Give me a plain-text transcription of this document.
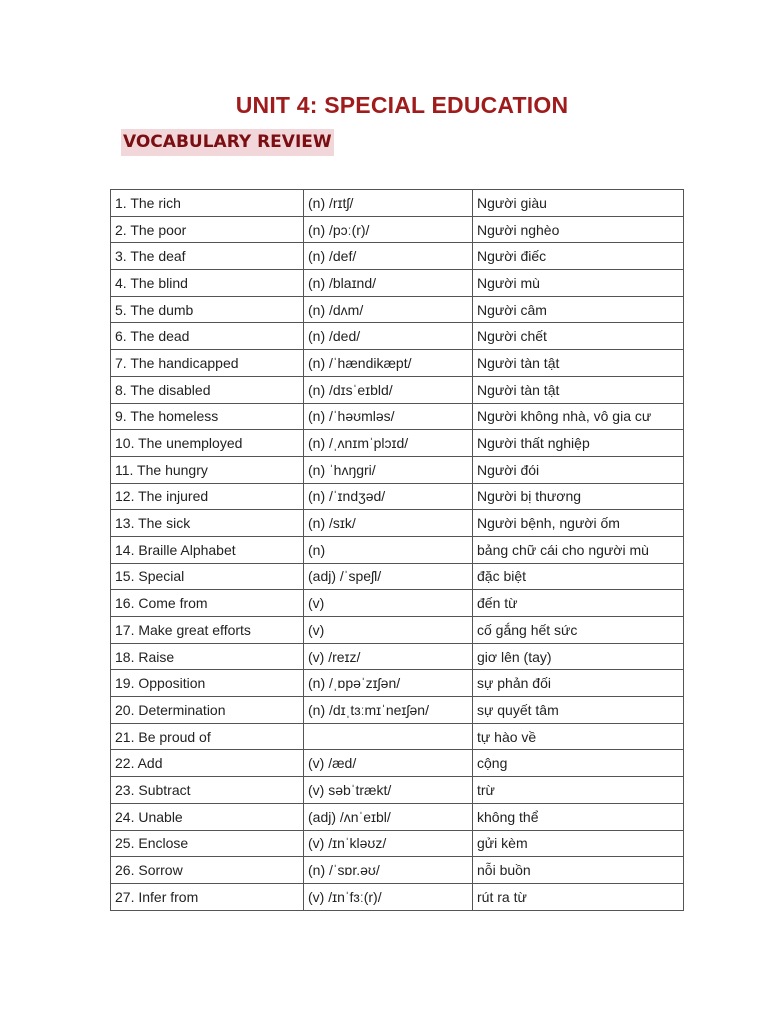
UNIT 4: SPECIAL EDUCATION
VOCABULARY REVIEW
1. The rich	(n) /rɪtʃ/	Người giàu
2. The poor	(n) /pɔː(r)/	Người nghèo
3. The deaf	(n) /def/	Người điếc
4. The blind	(n) /blaɪnd/	Người mù
5. The dumb	(n) /dʌm/	Người câm
6. The dead	(n) /ded/	Người chết
7. The handicapped	(n) /ˈhændikæpt/	Người tàn tật
8. The disabled	(n) /dɪsˈeɪbld/	Người tàn tật
9. The homeless	(n) /ˈhəʊmləs/	Người không nhà, vô gia cư
10. The unemployed	(n) /ˌʌnɪmˈplɔɪd/	Người thất nghiệp
11. The hungry	(n) ˈhʌŋgri/	Người đói
12. The injured	(n) /ˈɪndʒəd/	Người bị thương
13. The sick	(n) /sɪk/	Người bệnh, người ốm
14. Braille Alphabet	(n)	bảng chữ cái cho người mù
15. Special	(adj) /ˈspeʃl/	đặc biệt
16. Come from	(v)	đến từ
17. Make great efforts	(v)	cố gắng hết sức
18. Raise	(v) /reɪz/	giơ lên (tay)
19. Opposition	(n) /ˌɒpəˈzɪʃən/	sự phản đối
20. Determination	(n) /dɪˌtɜːmɪˈneɪʃən/	sự quyết tâm
21. Be proud of		tự hào về
22. Add	(v) /æd/	cộng
23. Subtract	(v) səbˈtrækt/	trừ
24. Unable	(adj) /ʌnˈeɪbl/	không thể
25. Enclose	(v) /ɪnˈkləʊz/	gửi kèm
26. Sorrow	(n) /ˈsɒr.əʊ/	nỗi buồn
27. Infer from	(v) /ɪnˈfɜː(r)/	rút ra từ
